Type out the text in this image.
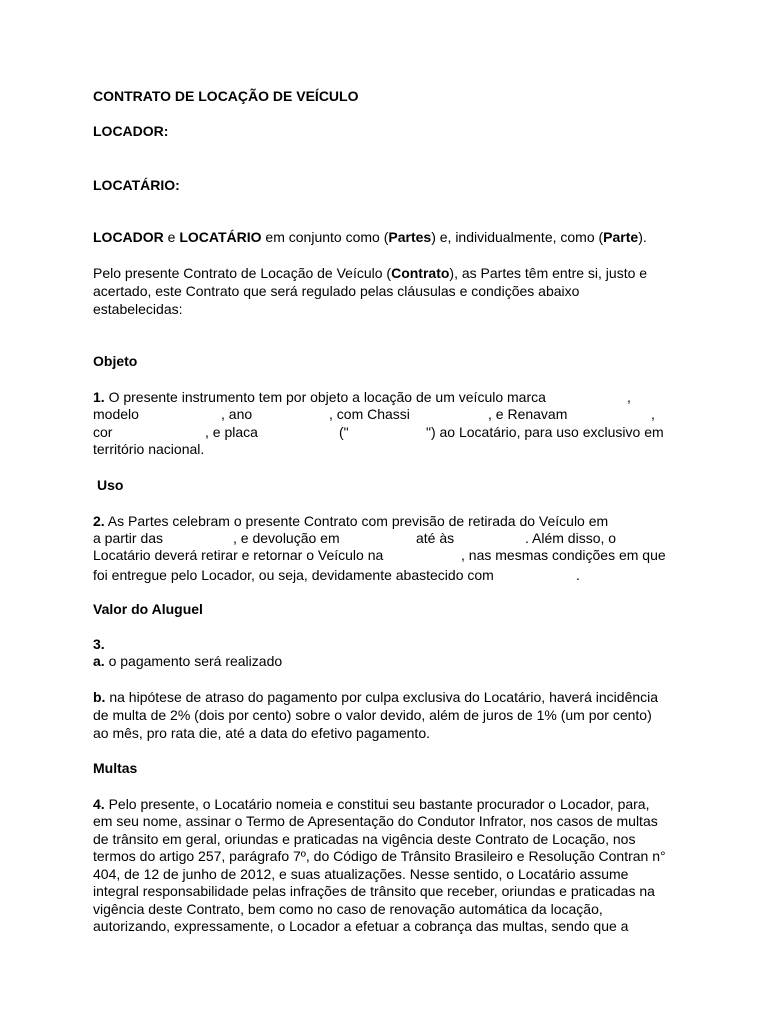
CONTRATO DE LOCAÇÃO DE VEÍCULO
LOCADOR:
LOCATÁRIO:
LOCADOR e LOCATÁRIO em conjunto como (Partes) e, individualmente, como (Parte).
Pelo presente Contrato de Locação de Veículo (Contrato), as Partes têm entre si, justo e
acertado, este Contrato que será regulado pelas cláusulas e condições abaixo
estabelecidas:
Objeto
1. O presente instrumento tem por objeto a locação de um veículo marca	,
modelo	, ano	, com Chassi	, e Renavam	,
cor	, e placa	("	") ao Locatário, para uso exclusivo em
território nacional.
Uso
2. As Partes celebram o presente Contrato com previsão de retirada do Veículo em
a partir das	, e devolução em	até às	. Além disso, o
Locatário deverá retirar e retornar o Veículo na	, nas mesmas condições em que
foi entregue pelo Locador, ou seja, devidamente abastecido com	.
Valor do Aluguel
3.
a. o pagamento será realizado
b. na hipótese de atraso do pagamento por culpa exclusiva do Locatário, haverá incidência
de multa de 2% (dois por cento) sobre o valor devido, além de juros de 1% (um por cento)
ao mês, pro rata die, até a data do efetivo pagamento.
Multas
4. Pelo presente, o Locatário nomeia e constitui seu bastante procurador o Locador, para,
em seu nome, assinar o Termo de Apresentação do Condutor Infrator, nos casos de multas
de trânsito em geral, oriundas e praticadas na vigência deste Contrato de Locação, nos
termos do artigo 257, parágrafo 7º, do Código de Trânsito Brasileiro e Resolução Contran n°
404, de 12 de junho de 2012, e suas atualizações. Nesse sentido, o Locatário assume
integral responsabilidade pelas infrações de trânsito que receber, oriundas e praticadas na
vigência deste Contrato, bem como no caso de renovação automática da locação,
autorizando, expressamente, o Locador a efetuar a cobrança das multas, sendo que a
